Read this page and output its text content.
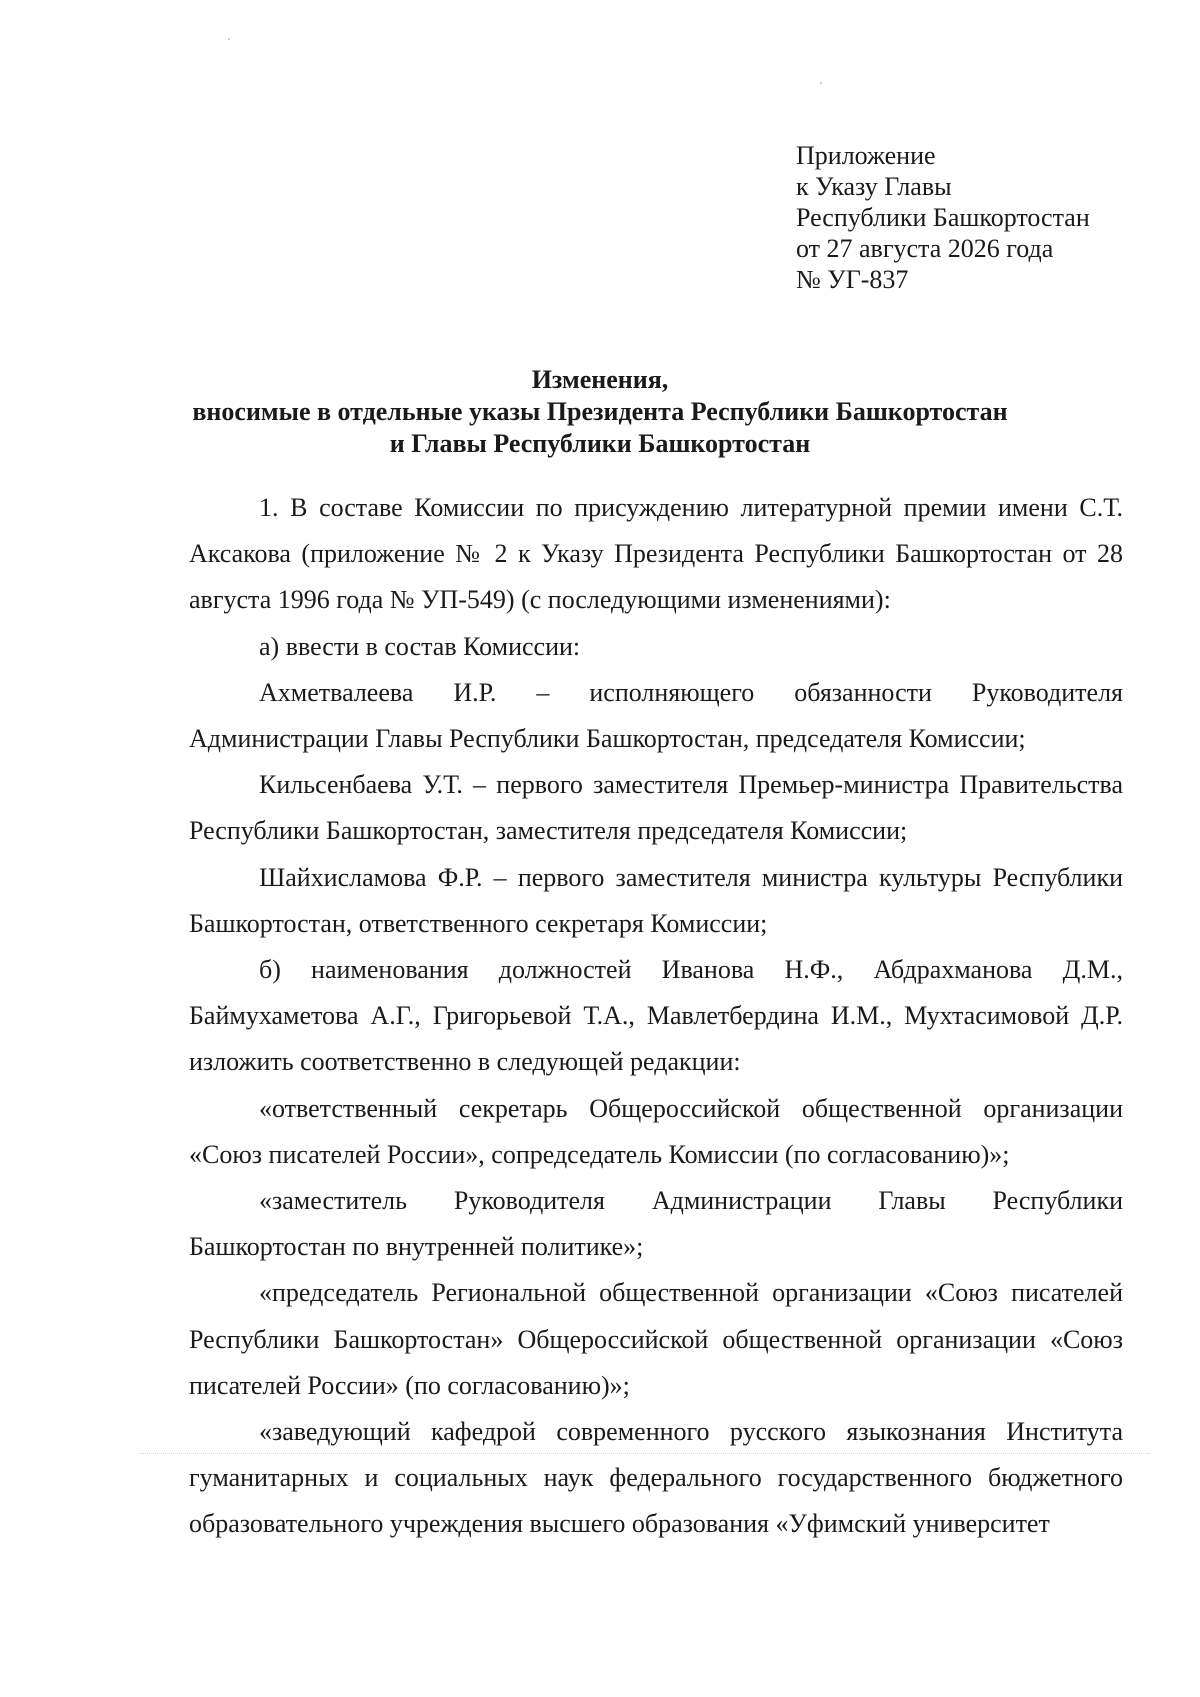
Приложение
к Указу Главы
Республики Башкортостан
от 27 августа 2026 года
№ УГ-837
Изменения,
вносимые в отдельные указы Президента Республики Башкортостан
и Главы Республики Башкортостан

1. В составе Комиссии по присуждению литературной премии имени С.Т. Аксакова (приложение № 2 к Указу Президента Республики Башкортостан от 28 августа 1996 года № УП-549) (с последующими изменениями):

а) ввести в состав Комиссии:

Ахметвалеева И.Р. – исполняющего обязанности Руководителя Администрации Главы Республики Башкортостан, председателя Комиссии;

Кильсенбаева У.Т. – первого заместителя Премьер-министра Правительства Республики Башкортостан, заместителя председателя Комиссии;

Шайхисламова Ф.Р. – первого заместителя министра культуры Республики Башкортостан, ответственного секретаря Комиссии;

б) наименования должностей Иванова Н.Ф., Абдрахманова Д.М., Баймухаметова А.Г., Григорьевой Т.А., Мавлетбердина И.М., Мухтасимовой Д.Р. изложить соответственно в следующей редакции:

«ответственный секретарь Общероссийской общественной организации «Союз писателей России», сопредседатель Комиссии (по согласованию)»;

«заместитель Руководителя Администрации Главы Республики Башкортостан по внутренней политике»;

«председатель Региональной общественной организации «Союз писателей Республики Башкортостан» Общероссийской общественной организации «Союз писателей России» (по согласованию)»;

«заведующий кафедрой современного русского языкознания Института гуманитарных и социальных наук федерального государственного бюджетного образовательного учреждения высшего образования «Уфимский университет
